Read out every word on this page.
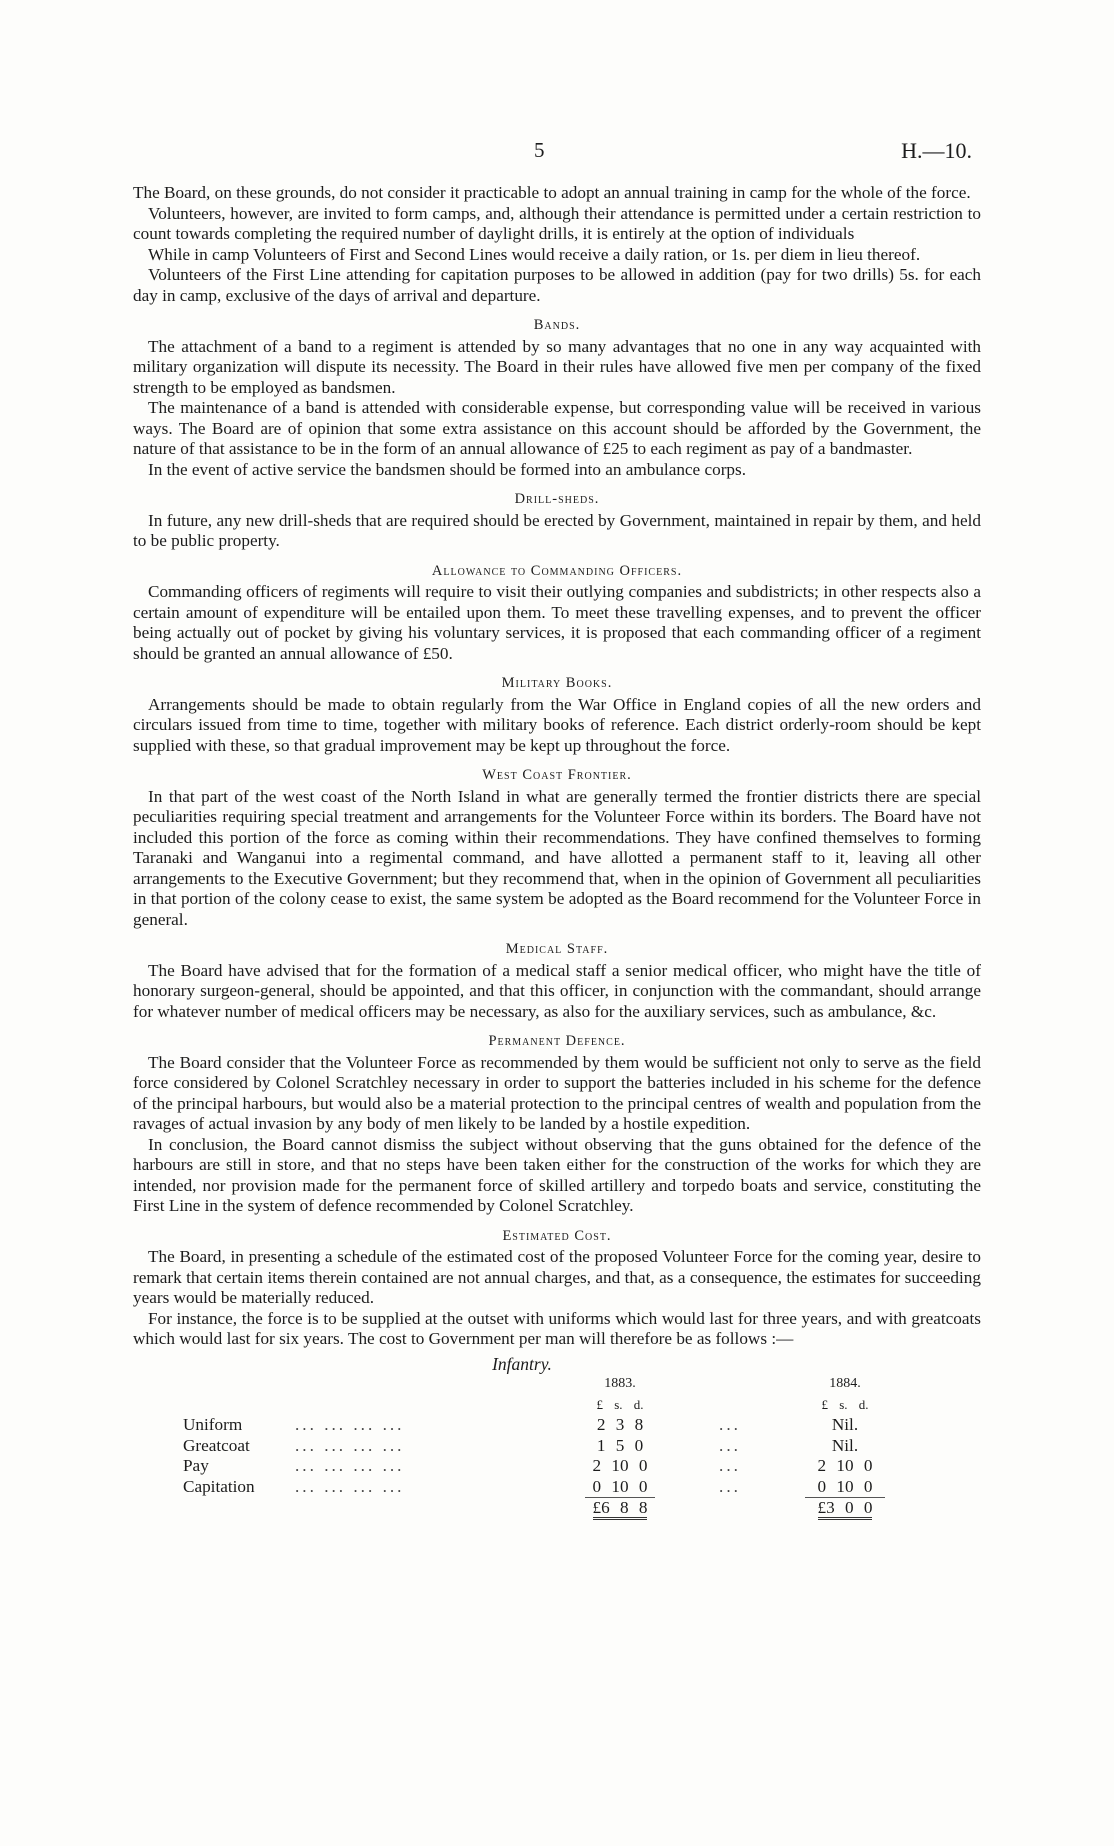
5	H.—10.

The Board, on these grounds, do not consider it practicable to adopt an annual training in camp for the whole of the force.

Volunteers, however, are invited to form camps, and, although their attendance is permitted under a certain restriction to count towards completing the required number of daylight drills, it is entirely at the option of individuals

While in camp Volunteers of First and Second Lines would receive a daily ration, or 1s. per diem in lieu thereof.

Volunteers of the First Line attending for capitation purposes to be allowed in addition (pay for two drills) 5s. for each day in camp, exclusive of the days of arrival and departure.

Bands.

The attachment of a band to a regiment is attended by so many advantages that no one in any way acquainted with military organization will dispute its necessity. The Board in their rules have allowed five men per company of the fixed strength to be employed as bandsmen.

The maintenance of a band is attended with considerable expense, but corresponding value will be received in various ways. The Board are of opinion that some extra assistance on this account should be afforded by the Government, the nature of that assistance to be in the form of an annual allowance of £25 to each regiment as pay of a bandmaster.

In the event of active service the bandsmen should be formed into an ambulance corps.

Drill-sheds.

In future, any new drill-sheds that are required should be erected by Government, maintained in repair by them, and held to be public property.

Allowance to Commanding Officers.

Commanding officers of regiments will require to visit their outlying companies and subdistricts; in other respects also a certain amount of expenditure will be entailed upon them. To meet these travelling expenses, and to prevent the officer being actually out of pocket by giving his voluntary services, it is proposed that each commanding officer of a regiment should be granted an annual allowance of £50.

Military Books.

Arrangements should be made to obtain regularly from the War Office in England copies of all the new orders and circulars issued from time to time, together with military books of reference. Each district orderly-room should be kept supplied with these, so that gradual improvement may be kept up throughout the force.

West Coast Frontier.

In that part of the west coast of the North Island in what are generally termed the frontier districts there are special peculiarities requiring special treatment and arrangements for the Volunteer Force within its borders. The Board have not included this portion of the force as coming within their recommendations. They have confined themselves to forming Taranaki and Wanganui into a regimental command, and have allotted a permanent staff to it, leaving all other arrangements to the Executive Government; but they recommend that, when in the opinion of Government all peculiarities in that portion of the colony cease to exist, the same system be adopted as the Board recommend for the Volunteer Force in general.

Medical Staff.

The Board have advised that for the formation of a medical staff a senior medical officer, who might have the title of honorary surgeon-general, should be appointed, and that this officer, in conjunction with the commandant, should arrange for whatever number of medical officers may be necessary, as also for the auxiliary services, such as ambulance, &c.

Permanent Defence.

The Board consider that the Volunteer Force as recommended by them would be sufficient not only to serve as the field force considered by Colonel Scratchley necessary in order to support the batteries included in his scheme for the defence of the principal harbours, but would also be a material protection to the principal centres of wealth and population from the ravages of actual invasion by any body of men likely to be landed by a hostile expedition.

In conclusion, the Board cannot dismiss the subject without observing that the guns obtained for the defence of the harbours are still in store, and that no steps have been taken either for the construction of the works for which they are intended, nor provision made for the permanent force of skilled artillery and torpedo boats and service, constituting the First Line in the system of defence recommended by Colonel Scratchley.

Estimated Cost.

The Board, in presenting a schedule of the estimated cost of the proposed Volunteer Force for the coming year, desire to remark that certain items therein contained are not annual charges, and that, as a consequence, the estimates for succeeding years would be materially reduced.

For instance, the force is to be supplied at the outset with uniforms which would last for three years, and with greatcoats which would last for six years. The cost to Government per man will therefore be as follows :—

Infantry.
		1883.		1884.
		£ s. d.		£ s. d.
Uniform	... ... ... ...	2 3 8	...	Nil.
Greatcoat	... ... ... ...	1 5 0	...	Nil.
Pay	... ... ... ...	2 10 0	...	2 10 0
Capitation	... ... ... ...	0 10 0	...	0 10 0
		£6 8 8		£3 0 0
